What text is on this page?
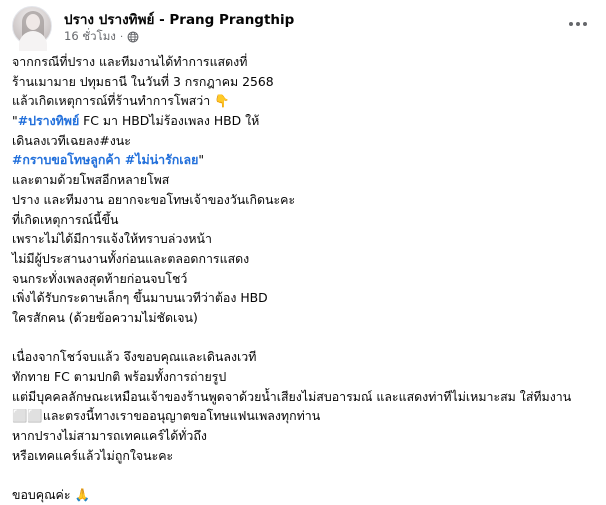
ปราง ปรางทิพย์ - Prang Prangthip
16 ชั่วโมง ·
จากกรณีที่ปราง และทีมงานได้ทำการแสดงที่
ร้านเมามาย ปทุมธานี ในวันที่ 3 กรกฎาคม 2568
แล้วเกิดเหตุการณ์ที่ร้านทำการโพสว่า 👇
"#ปรางทิพย์ FC มา HBDไม่ร้องเพลง HBD ให้
เดินลงเวทีเฉยลง#งนะ
#กราบขอโทษลูกค้า #ไม่น่ารักเลย"
และตามด้วยโพสอีกหลายโพส
ปราง และทีมงาน อยากจะขอโทษเจ้าของวันเกิดนะคะ
ที่เกิดเหตุการณ์นี้ขึ้น
เพราะไม่ได้มีการแจ้งให้ทราบล่วงหน้า
ไม่มีผู้ประสานงานทั้งก่อนและตลอดการแสดง
จนกระทั่งเพลงสุดท้ายก่อนจบโชว์
เพิ่งได้รับกระดาษเล็กๆ ขึ้นมาบนเวทีว่าต้อง HBD
ใครสักคน (ด้วยข้อความไม่ชัดเจน)
เนื่องจากโชว์จบแล้ว จึงขอบคุณและเดินลงเวที
ทักทาย FC ตามปกติ พร้อมทั้งการถ่ายรูป
แต่มีบุคคลลักษณะเหมือนเจ้าของร้านพูดจาด้วยน้ำเสียงไม่สบอารมณ์ และแสดงท่าทีไม่เหมาะสม ใส่ทีมงาน
⬜⬜และตรงนี้ทางเราขออนุญาตขอโทษแฟนเพลงทุกท่าน
หากปรางไม่สามารถเทคแคร์ได้ทั่วถึง
หรือเทคแคร์แล้วไม่ถูกใจนะคะ
ขอบคุณค่ะ 🙏
